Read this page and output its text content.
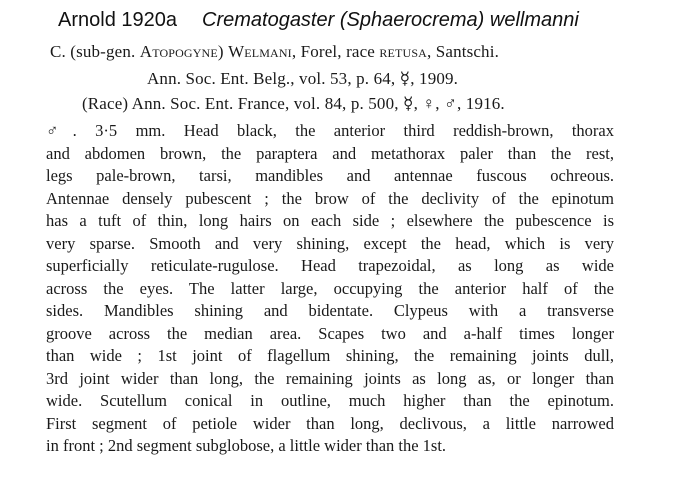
Arnold 1920a Crematogaster (Sphaerocrema) wellmanni
C. (sub-gen. Atopogyne) Welmani, Forel, race retusa, Santschi.
Ann. Soc. Ent. Belg., vol. 53, p. 64, ☿, 1909.
(Race) Ann. Soc. Ent. France, vol. 84, p. 500, ☿, ♀, ♂, 1916.
♂. 3·5 mm. Head black, the anterior third reddish-brown, thorax
and abdomen brown, the paraptera and metathorax paler than the rest,
legs pale-brown, tarsi, mandibles and antennae fuscous ochreous.
Antennae densely pubescent ; the brow of the declivity of the epinotum
has a tuft of thin, long hairs on each side ; elsewhere the pubescence is
very sparse. Smooth and very shining, except the head, which is very
superficially reticulate-rugulose. Head trapezoidal, as long as wide
across the eyes. The latter large, occupying the anterior half of the
sides. Mandibles shining and bidentate. Clypeus with a transverse
groove across the median area. Scapes two and a-half times longer
than wide ; 1st joint of flagellum shining, the remaining joints dull,
3rd joint wider than long, the remaining joints as long as, or longer than
wide. Scutellum conical in outline, much higher than the epinotum.
First segment of petiole wider than long, declivous, a little narrowed
in front ; 2nd segment subglobose, a little wider than the 1st.
